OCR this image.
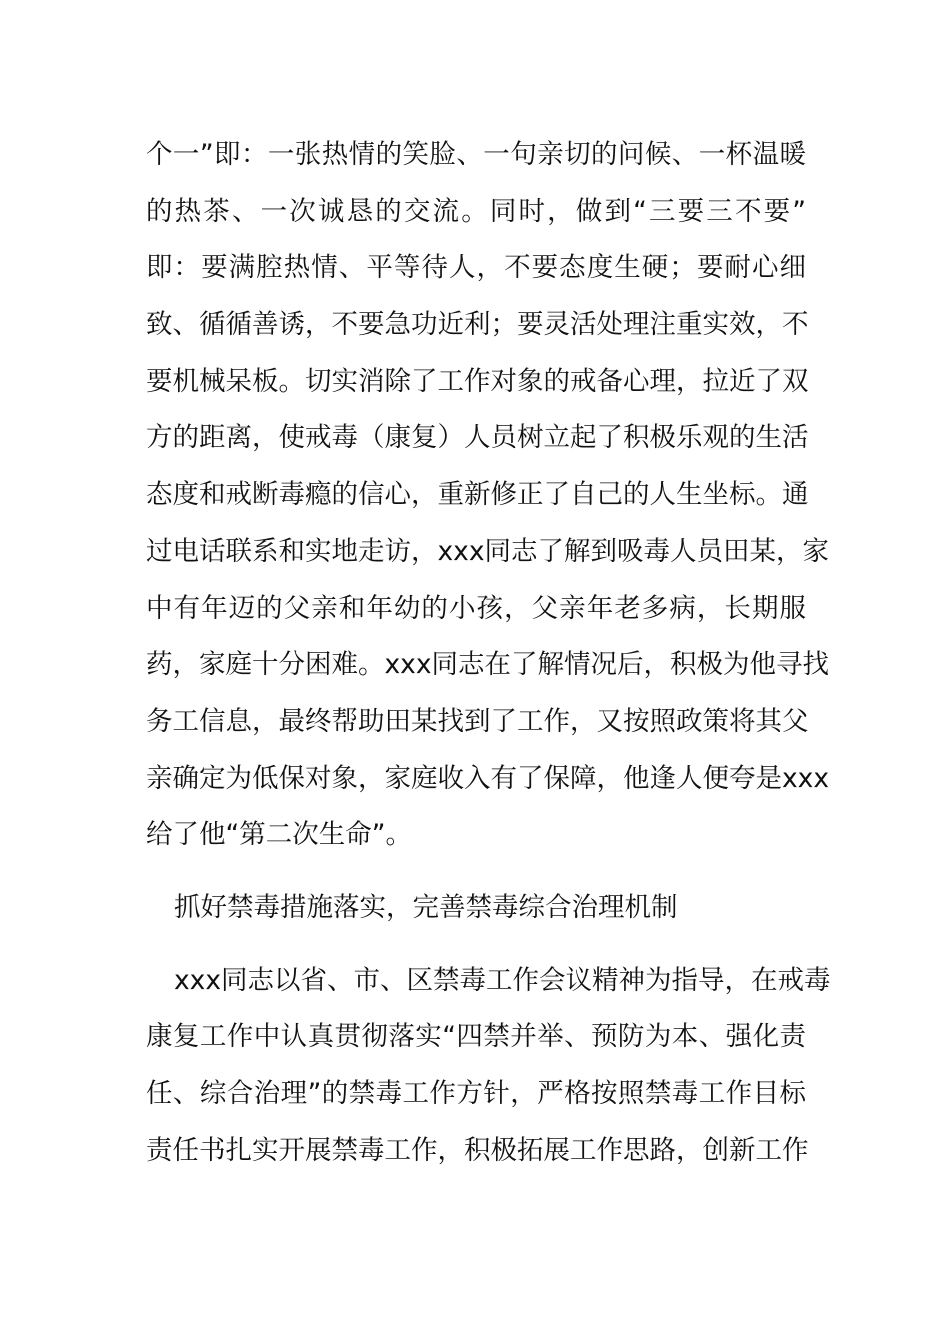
个一”即：一张热情的笑脸、一句亲切的问候、一杯温暖
的热茶、一次诚恳的交流。同时，做到“三要三不要”
即：要满腔热情、平等待人，不要态度生硬；要耐心细
致、循循善诱，不要急功近利；要灵活处理注重实效，不
要机械呆板。切实消除了工作对象的戒备心理，拉近了双
方的距离，使戒毒（康复）人员树立起了积极乐观的生活
态度和戒断毒瘾的信心，重新修正了自己的人生坐标。通
过电话联系和实地走访，xxx同志了解到吸毒人员田某，家
中有年迈的父亲和年幼的小孩，父亲年老多病，长期服
药，家庭十分困难。xxx同志在了解情况后，积极为他寻找
务工信息，最终帮助田某找到了工作，又按照政策将其父
亲确定为低保对象，家庭收入有了保障，他逢人便夸是xxx
给了他“第二次生命”。
抓好禁毒措施落实，完善禁毒综合治理机制
xxx同志以省、市、区禁毒工作会议精神为指导，在戒毒
康复工作中认真贯彻落实“四禁并举、预防为本、强化责
任、综合治理”的禁毒工作方针，严格按照禁毒工作目标
责任书扎实开展禁毒工作，积极拓展工作思路，创新工作
